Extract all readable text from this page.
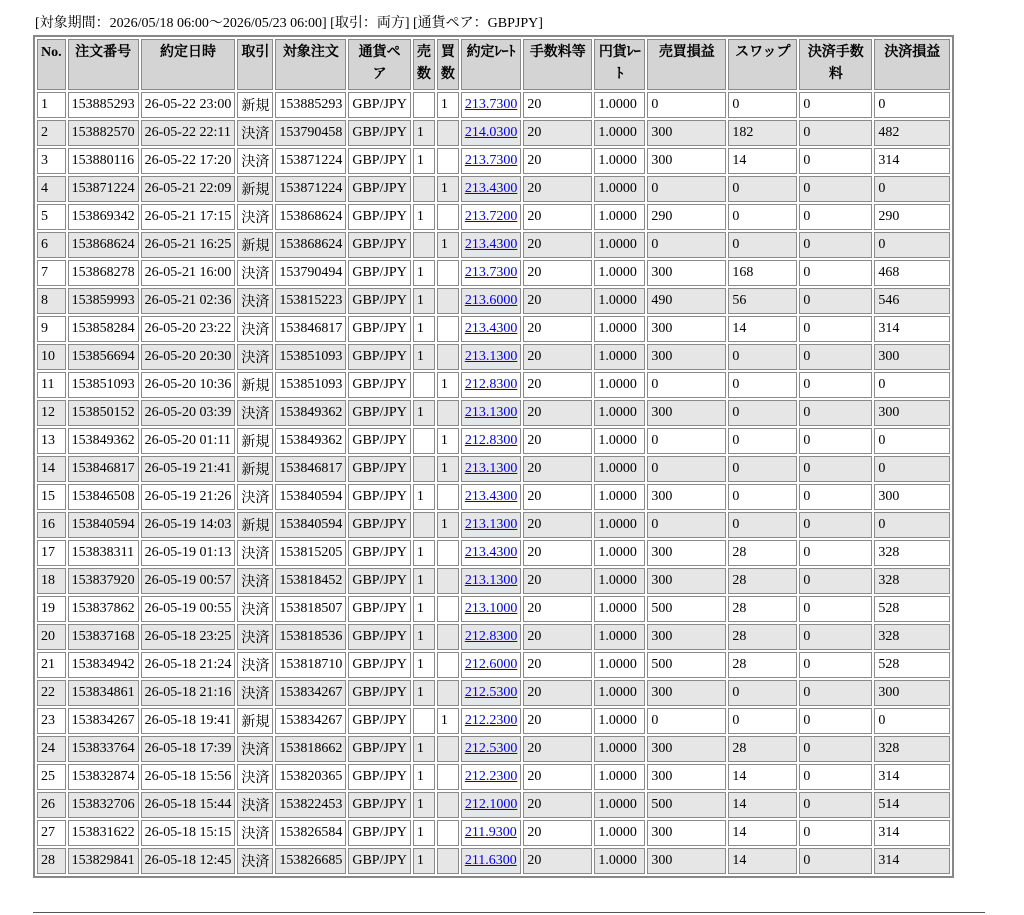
[対象期間：2026/05/18 06:00〜2026/05/23 06:00] [取引：両方] [通貨ペア：GBPJPY]
No.	注文番号	約定日時	取引	対象注文	通貨ペア	売数	買数	約定ﾚｰﾄ	手数料等	円貨ﾚｰﾄ	売買損益	スワップ	決済手数料	決済損益
1	153885293	26-05-22 23:00	新規	153885293	GBP/JPY		1	213.7300	20	1.0000	0	0	0	0
2	153882570	26-05-22 22:11	決済	153790458	GBP/JPY	1		214.0300	20	1.0000	300	182	0	482
3	153880116	26-05-22 17:20	決済	153871224	GBP/JPY	1		213.7300	20	1.0000	300	14	0	314
4	153871224	26-05-21 22:09	新規	153871224	GBP/JPY		1	213.4300	20	1.0000	0	0	0	0
5	153869342	26-05-21 17:15	決済	153868624	GBP/JPY	1		213.7200	20	1.0000	290	0	0	290
6	153868624	26-05-21 16:25	新規	153868624	GBP/JPY		1	213.4300	20	1.0000	0	0	0	0
7	153868278	26-05-21 16:00	決済	153790494	GBP/JPY	1		213.7300	20	1.0000	300	168	0	468
8	153859993	26-05-21 02:36	決済	153815223	GBP/JPY	1		213.6000	20	1.0000	490	56	0	546
9	153858284	26-05-20 23:22	決済	153846817	GBP/JPY	1		213.4300	20	1.0000	300	14	0	314
10	153856694	26-05-20 20:30	決済	153851093	GBP/JPY	1		213.1300	20	1.0000	300	0	0	300
11	153851093	26-05-20 10:36	新規	153851093	GBP/JPY		1	212.8300	20	1.0000	0	0	0	0
12	153850152	26-05-20 03:39	決済	153849362	GBP/JPY	1		213.1300	20	1.0000	300	0	0	300
13	153849362	26-05-20 01:11	新規	153849362	GBP/JPY		1	212.8300	20	1.0000	0	0	0	0
14	153846817	26-05-19 21:41	新規	153846817	GBP/JPY		1	213.1300	20	1.0000	0	0	0	0
15	153846508	26-05-19 21:26	決済	153840594	GBP/JPY	1		213.4300	20	1.0000	300	0	0	300
16	153840594	26-05-19 14:03	新規	153840594	GBP/JPY		1	213.1300	20	1.0000	0	0	0	0
17	153838311	26-05-19 01:13	決済	153815205	GBP/JPY	1		213.4300	20	1.0000	300	28	0	328
18	153837920	26-05-19 00:57	決済	153818452	GBP/JPY	1		213.1300	20	1.0000	300	28	0	328
19	153837862	26-05-19 00:55	決済	153818507	GBP/JPY	1		213.1000	20	1.0000	500	28	0	528
20	153837168	26-05-18 23:25	決済	153818536	GBP/JPY	1		212.8300	20	1.0000	300	28	0	328
21	153834942	26-05-18 21:24	決済	153818710	GBP/JPY	1		212.6000	20	1.0000	500	28	0	528
22	153834861	26-05-18 21:16	決済	153834267	GBP/JPY	1		212.5300	20	1.0000	300	0	0	300
23	153834267	26-05-18 19:41	新規	153834267	GBP/JPY		1	212.2300	20	1.0000	0	0	0	0
24	153833764	26-05-18 17:39	決済	153818662	GBP/JPY	1		212.5300	20	1.0000	300	28	0	328
25	153832874	26-05-18 15:56	決済	153820365	GBP/JPY	1		212.2300	20	1.0000	300	14	0	314
26	153832706	26-05-18 15:44	決済	153822453	GBP/JPY	1		212.1000	20	1.0000	500	14	0	514
27	153831622	26-05-18 15:15	決済	153826584	GBP/JPY	1		211.9300	20	1.0000	300	14	0	314
28	153829841	26-05-18 12:45	決済	153826685	GBP/JPY	1		211.6300	20	1.0000	300	14	0	314
